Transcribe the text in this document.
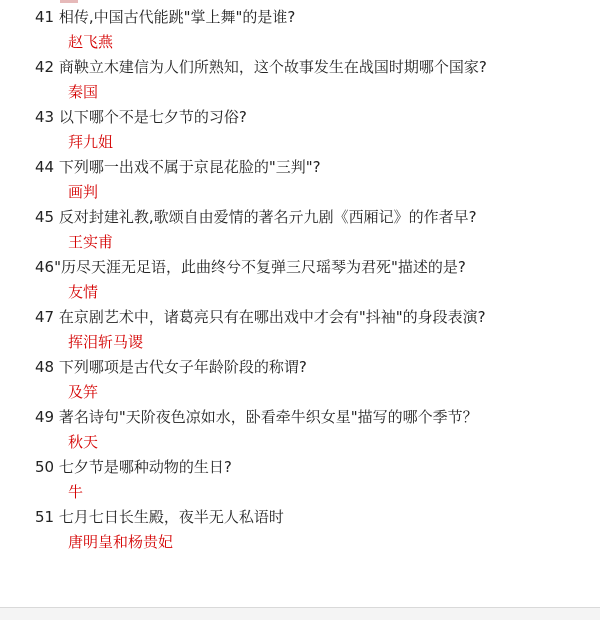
41 相传,中国古代能跳"掌上舞"的是谁?

赵飞燕

42 商鞅立木建信为人们所熟知，这个故事发生在战国时期哪个国家?

秦国

43 以下哪个不是七夕节的习俗?

拜九姐

44 下列哪一出戏不属于京昆花脸的"三判"?

画判

45 反对封建礼教,歌颂自由爱情的著名亓九剧《西厢记》的作者早?

王实甫

46"历尽天涯无足语，此曲终兮不复弹三尺瑶琴为君死"描述的是?

友情

47 在京剧艺术中，诸葛亮只有在哪出戏中才会有"抖袖"的身段表演?

挥泪斩马谡

48 下列哪项是古代女子年龄阶段的称谓?

及笄

49 著名诗句"天阶夜色凉如水，卧看牵牛织女星"描写的哪个季节？

秋天

50 七夕节是哪种动物的生日?

牛

51 七月七日长生殿，夜半无人私语时

唐明皇和杨贵妃
